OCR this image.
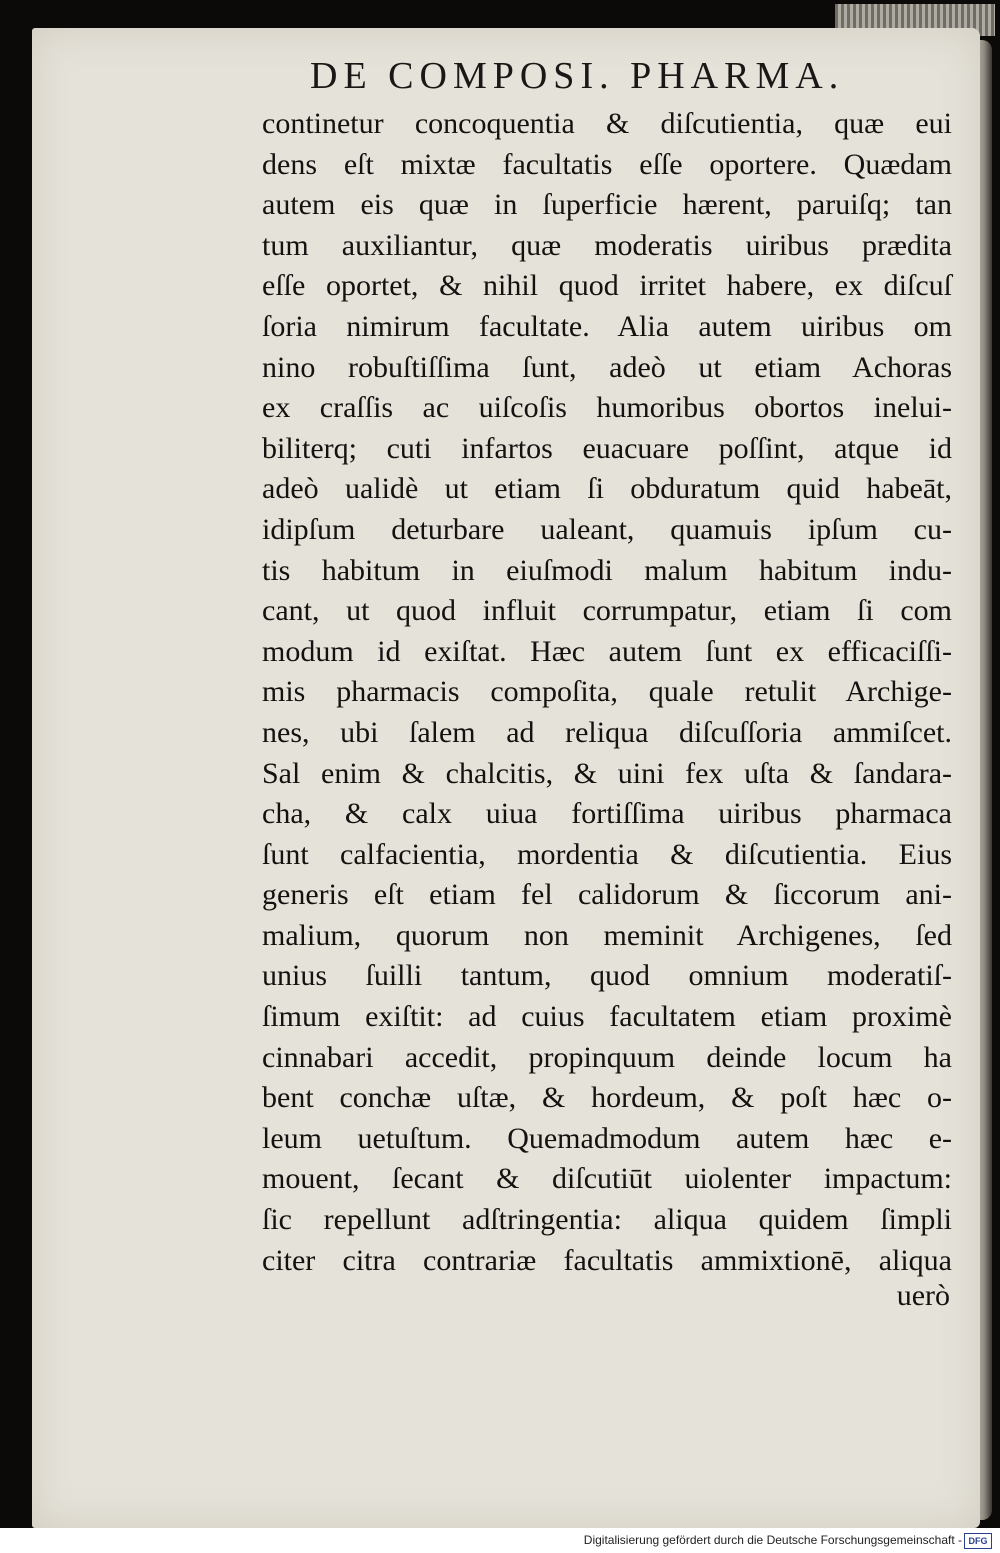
DE COMPOSI. PHARMA.
continetur concoquentia & diſcutientia, quæ eui
dens eſt mixtæ facultatis eſſe oportere. Quædam
autem eis quæ in ſuperficie hærent, paruiſq; tan
tum auxiliantur, quæ moderatis uiribus prædita
eſſe oportet, & nihil quod irritet habere, ex diſcuſ
ſoria nimirum facultate. Alia autem uiribus om
nino robuſtiſſima ſunt, adeò ut etiam Achoras
ex craſſis ac uiſcoſis humoribus obortos inelui-
biliterq; cuti infartos euacuare poſſint, atque id
adeò ualidè ut etiam ſi obduratum quid habeāt,
idipſum deturbare ualeant, quamuis ipſum cu-
tis habitum in eiuſmodi malum habitum indu-
cant, ut quod influit corrumpatur, etiam ſi com
modum id exiſtat. Hæc autem ſunt ex efficaciſſi-
mis pharmacis compoſita, quale retulit Archige-
nes, ubi ſalem ad reliqua diſcuſſoria ammiſcet.
Sal enim & chalcitis, & uini fex uſta & ſandara-
cha, & calx uiua fortiſſima uiribus pharmaca
ſunt calfacientia, mordentia & diſcutientia. Eius
generis eſt etiam fel calidorum & ſiccorum ani-
malium, quorum non meminit Archigenes, ſed
unius ſuilli tantum, quod omnium moderatiſ-
ſimum exiſtit: ad cuius facultatem etiam proximè
cinnabari accedit, propinquum deinde locum ha
bent conchæ uſtæ, & hordeum, & poſt hæc o-
leum uetuſtum. Quemadmodum autem hæc e-
mouent, ſecant & diſcutiūt uiolenter impactum:
ſic repellunt adſtringentia: aliqua quidem ſimpli
citer citra contrariæ facultatis ammixtionē, aliqua
uerò
Digitalisierung gefördert durch die Deutsche Forschungsgemeinschaft - DFG
